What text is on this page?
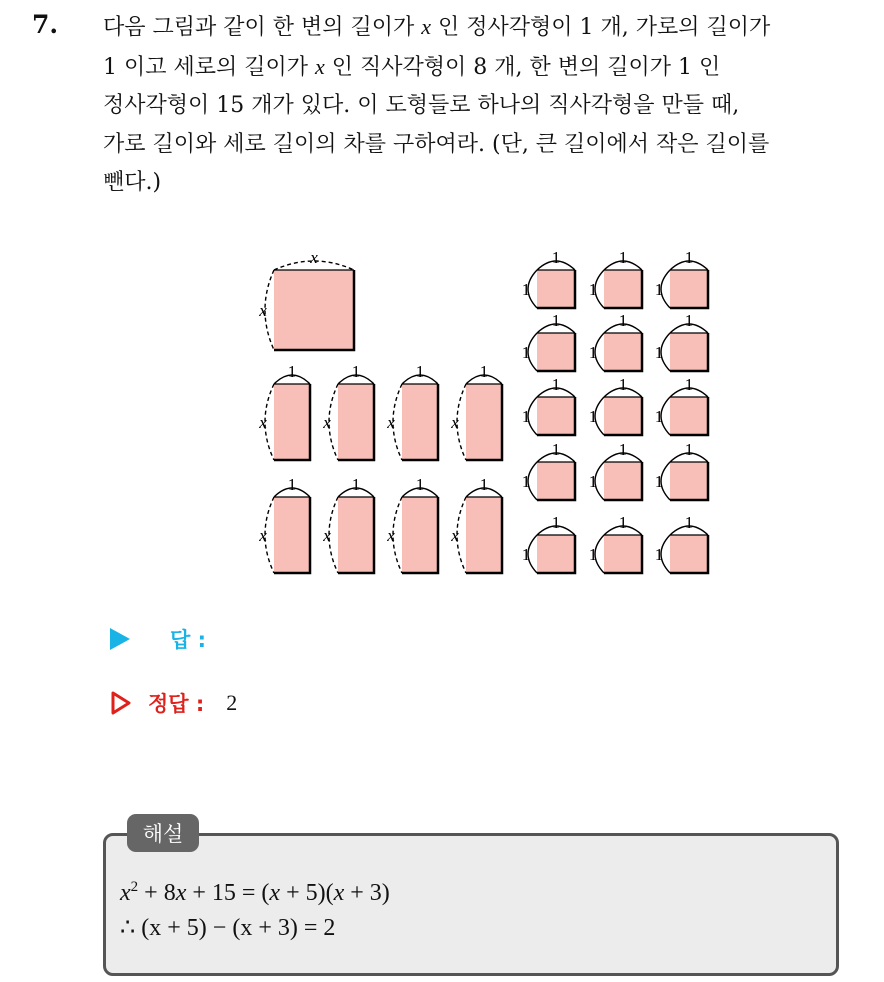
7. 다음 그림과 같이 한 변의 길이가 x 인 정사각형이 1 개, 가로의 길이가

1 이고 세로의 길이가 x 인 직사각형이 8 개, 한 변의 길이가 1 인

정사각형이 15 개가 있다. 이 도형들로 하나의 직사각형을 만들 때,

가로 길이와 세로 길이의 차를 구하여라. (단, 큰 길이에서 작은 길이를

뺀다.)

x
x
1
x
1
x
1
x
1
x
1
x
1
x
1
x
1
x
1
1
1
1
1
1
1
1
1
1
1
1
1
1
1
1
1
1
1
1
1
1
1
1
1
1
1
1
1
1
답 :
정답 : 2
해설
$x^2 + 8x + 15 = (x + 5)(x + 3)$
∴ (x + 5) − (x + 3) = 2
